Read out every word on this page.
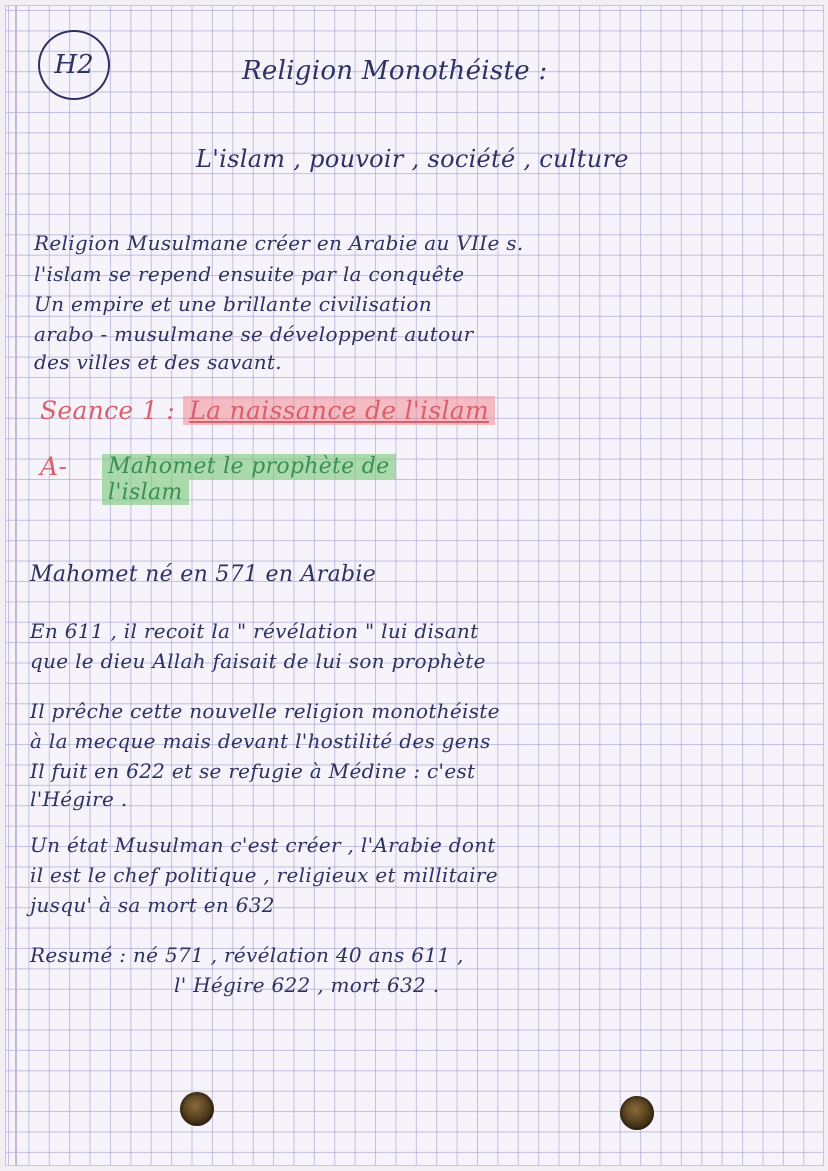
H2	Religion Monothéiste :
L'islam , pouvoir , société , culture
Religion Musulmane créer en Arabie au VIIe s.
l'islam se repend ensuite par la conquête
Un empire et une brillante civilisation
arabo - musulmane se développent autour
des villes et des savant.
Seance 1 : La naissance de l'islam
A- Mahomet le prophète de
l'islam
Mahomet né en 571 en Arabie
En 611 , il recoit la " révélation " lui disant
que le dieu Allah faisait de lui son prophète
Il prêche cette nouvelle religion monothéiste
à la mecque mais devant l'hostilité des gens
Il fuit en 622 et se refugie à Médine : c'est
l'Hégire .
Un état Musulman c'est créer , l'Arabie dont
il est le chef politique , religieux et millitaire
jusqu' à sa mort en 632
Resumé : né 571 , révélation 40 ans 611 ,
l' Hégire 622 , mort 632 .
